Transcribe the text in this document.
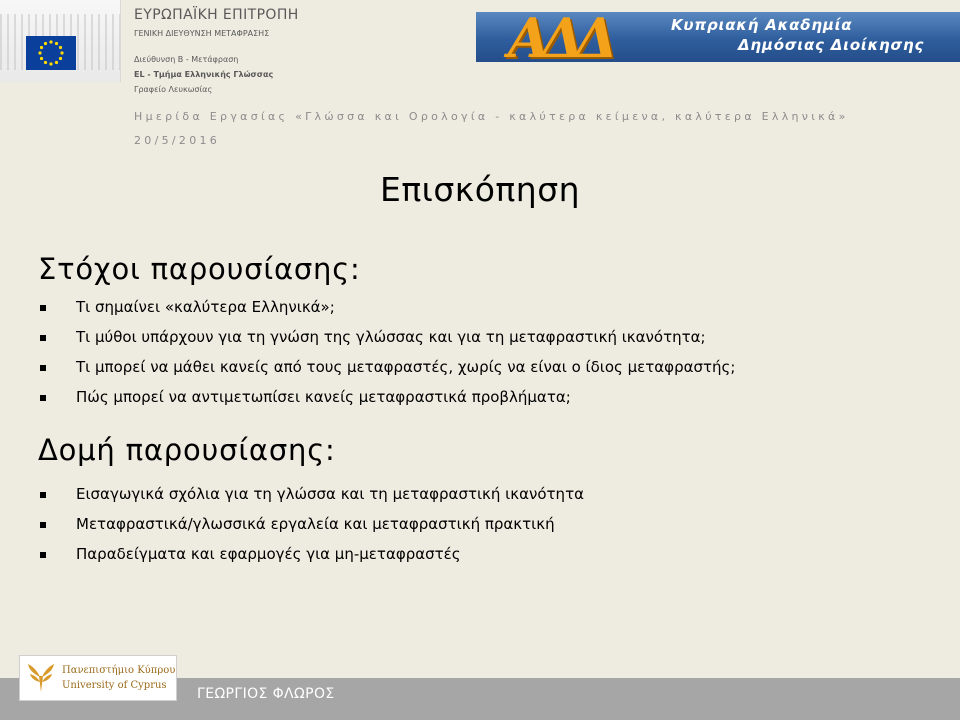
ΕΥΡΩΠΑΪΚΗ ΕΠΙΤΡΟΠΗ
ΓΕΝΙΚΗ ΔΙΕΥΘΥΝΣΗ ΜΕΤΑΦΡΑΣΗΣ
Διεύθυνση Β - Μετάφραση
EL - Τμήμα Ελληνικής Γλώσσας
Γραφείο Λευκωσίας
ΑΔΔ	Κυπριακή Ακαδημία
Δημόσιας Διοίκησης
Ημερίδα Εργασίας «Γλώσσα και Ορολογία - καλύτερα κείμενα, καλύτερα Ελληνικά»
20/5/2016
Επισκόπηση
Στόχοι παρουσίασης:
Τι σημαίνει «καλύτερα Ελληνικά»;
Τι μύθοι υπάρχουν για τη γνώση της γλώσσας και για τη μεταφραστική ικανότητα;
Τι μπορεί να μάθει κανείς από τους μεταφραστές, χωρίς να είναι ο ίδιος μεταφραστής;
Πώς μπορεί να αντιμετωπίσει κανείς μεταφραστικά προβλήματα;
Δομή παρουσίασης:
Εισαγωγικά σχόλια για τη γλώσσα και τη μεταφραστική ικανότητα
Μεταφραστικά/γλωσσικά εργαλεία και μεταφραστική πρακτική
Παραδείγματα και εφαρμογές για μη-μεταφραστές
ΓΕΩΡΓΙΟΣ ΦΛΩΡΟΣ
Πανεπιστήμιο Κύπρου
University of Cyprus
